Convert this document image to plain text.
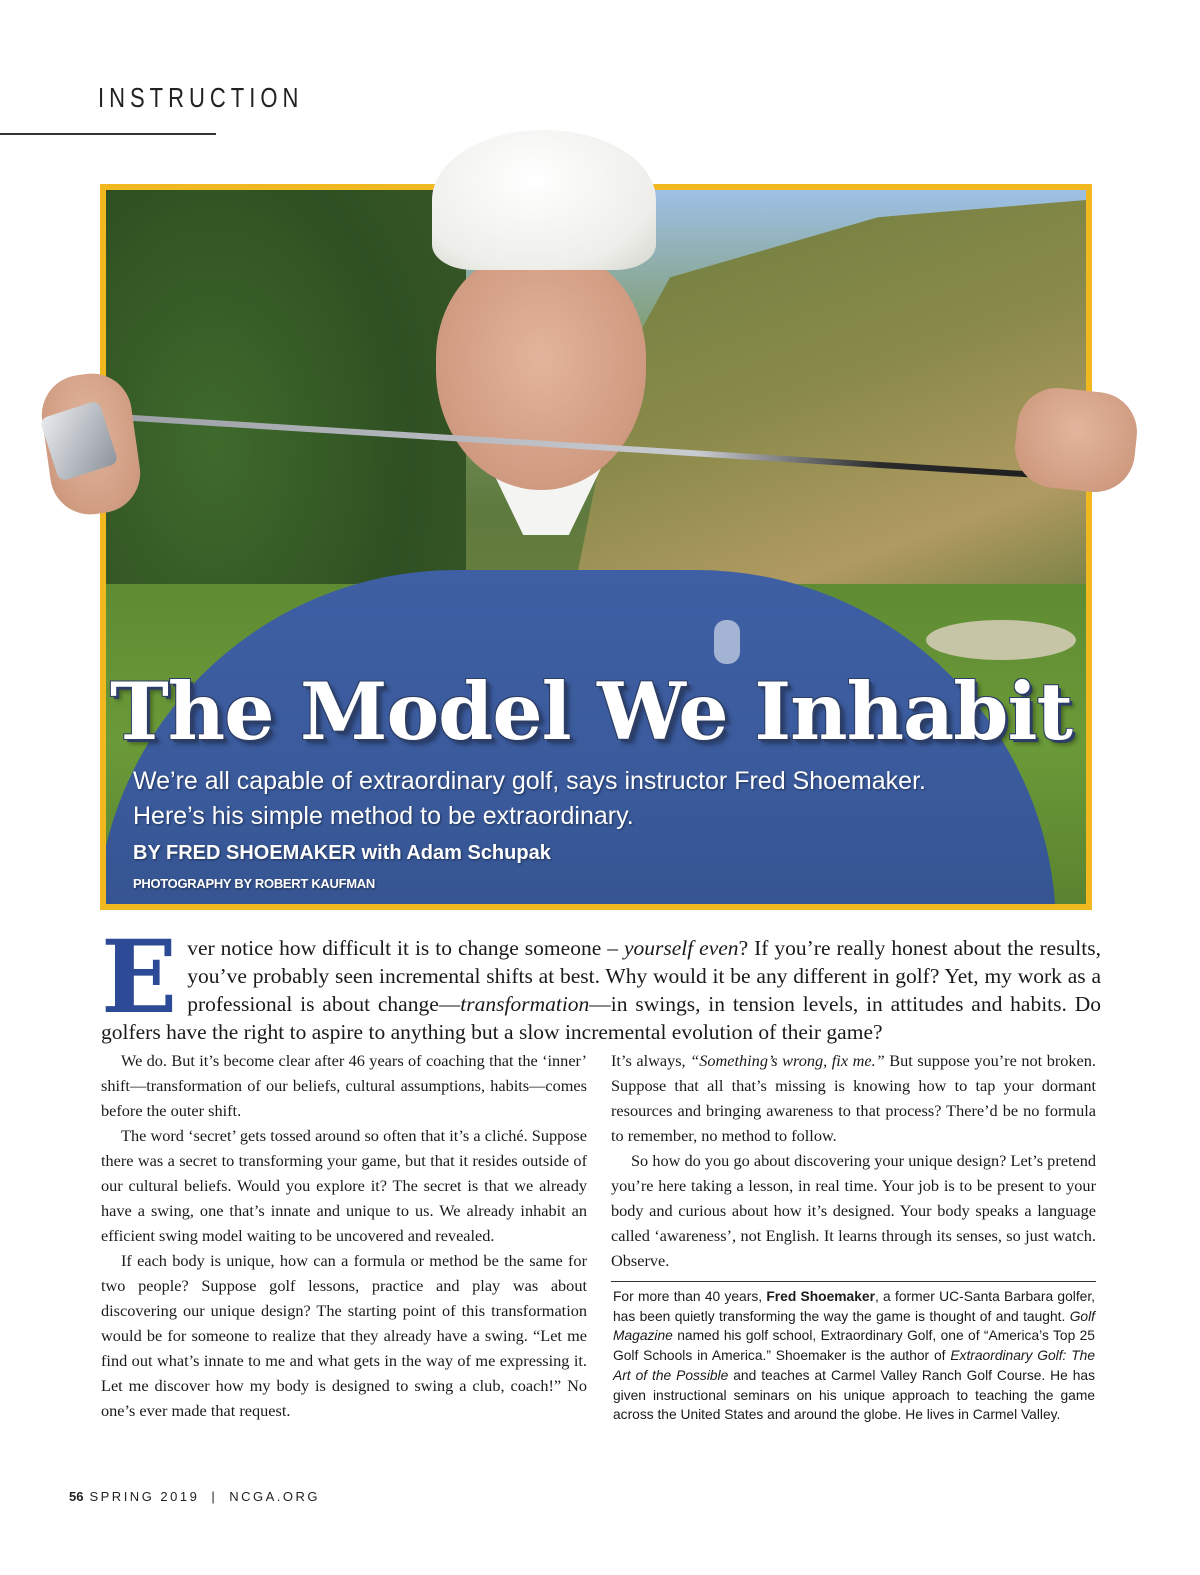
INSTRUCTION
The Model We Inhabit
We’re all capable of extraordinary golf, says instructor Fred Shoemaker.
Here’s his simple method to be extraordinary.
BY FRED SHOEMAKER with Adam Schupak
PHOTOGRAPHY BY ROBERT KAUFMAN
Ever notice how difficult it is to change someone – yourself even? If you’re really honest about the results, you’ve probably seen incremental shifts at best. Why would it be any different in golf? Yet, my work as a professional is about change—transformation—in swings, in tension levels, in attitudes and habits. Do golfers have the right to aspire to anything but a slow incremental evolution of their game?

We do. But it’s become clear after 46 years of coaching that the ‘inner’ shift—transformation of our beliefs, cultural assumptions, habits—comes before the outer shift.

The word ‘secret’ gets tossed around so often that it’s a cliché. Suppose there was a secret to transforming your game, but that it resides outside of our cultural beliefs. Would you explore it? The secret is that we already have a swing, one that’s innate and unique to us. We already inhabit an efficient swing model waiting to be uncovered and revealed.

If each body is unique, how can a formula or method be the same for two people? Suppose golf lessons, practice and play was about discovering our unique design? The starting point of this transformation would be for someone to realize that they already have a swing. “Let me find out what’s innate to me and what gets in the way of me expressing it. Let me discover how my body is designed to swing a club, coach!” No one’s ever made that request.

It’s always, “Something’s wrong, fix me.” But suppose you’re not broken. Suppose that all that’s missing is knowing how to tap your dormant resources and bringing awareness to that process? There’d be no formula to remember, no method to follow.

So how do you go about discovering your unique design? Let’s pretend you’re here taking a lesson, in real time. Your job is to be present to your body and curious about how it’s designed. Your body speaks a language called ‘awareness’, not English. It learns through its senses, so just watch. Observe.

For more than 40 years, Fred Shoemaker, a former UC-Santa Barbara golfer, has been quietly transforming the way the game is thought of and taught. Golf Magazine named his golf school, Extraordinary Golf, one of “America’s Top 25 Golf Schools in America.” Shoemaker is the author of Extraordinary Golf: The Art of the Possible and teaches at Carmel Valley Ranch Golf Course. He has given instructional seminars on his unique approach to teaching the game across the United States and around the globe. He lives in Carmel Valley.
56 SPRING 2019 | NCGA.ORG
